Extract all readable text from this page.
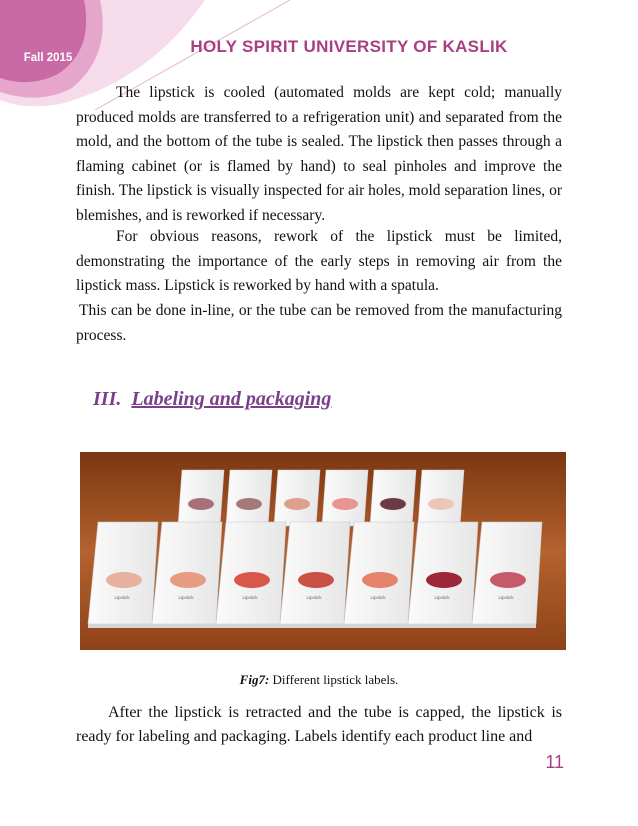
Fall 2015
HOLY SPIRIT UNIVERSITY OF KASLIK

The lipstick is cooled (automated molds are kept cold; manually produced molds are transferred to a refrigeration unit) and separated from the mold, and the bottom of the tube is sealed. The lipstick then passes through a flaming cabinet (or is flamed by hand) to seal pinholes and improve the finish. The lipstick is visually inspected for air holes, mold separation lines, or blemishes, and is reworked if necessary.

For obvious reasons, rework of the lipstick must be limited, demonstrating the importance of the early steps in removing air from the lipstick mass. Lipstick is reworked by hand with a spatula.

This can be done in-line, or the tube can be removed from the manufacturing process.

III. Labeling and packaging
Lipstick	Lipstick	Lipstick	Lipstick	Lipstick	Lipstick	Lipstick
Fig7: Different lipstick labels.

After the lipstick is retracted and the tube is capped, the lipstick is ready for labeling and packaging. Labels identify each product line and

11
